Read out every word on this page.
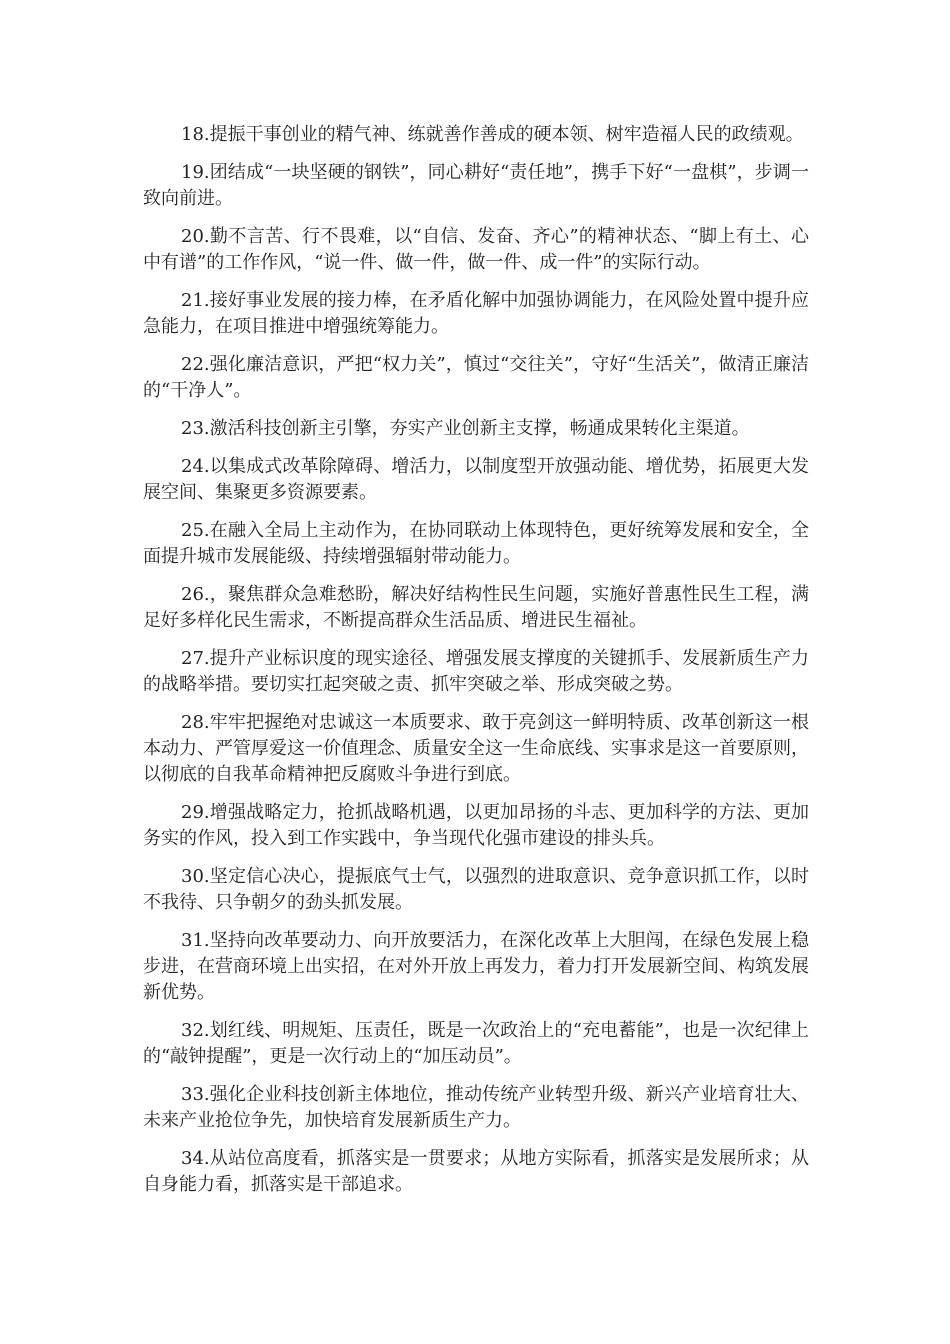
18.提振干事创业的精气神、练就善作善成的硬本领、树牢造福人民的政绩观。

19.团结成“一块坚硬的钢铁”，同心耕好“责任地”，携手下好“一盘棋”，步调一致向前进。

20.勤不言苦、行不畏难，以“自信、发奋、齐心”的精神状态、“脚上有土、心中有谱”的工作作风，“说一件、做一件，做一件、成一件”的实际行动。

21.接好事业发展的接力棒，在矛盾化解中加强协调能力，在风险处置中提升应急能力，在项目推进中增强统筹能力。

22.强化廉洁意识，严把“权力关”，慎过“交往关”，守好“生活关”，做清正廉洁的“干净人”。

23.激活科技创新主引擎，夯实产业创新主支撑，畅通成果转化主渠道。

24.以集成式改革除障碍、增活力，以制度型开放强动能、增优势，拓展更大发展空间、集聚更多资源要素。

25.在融入全局上主动作为，在协同联动上体现特色，更好统筹发展和安全，全面提升城市发展能级、持续增强辐射带动能力。

26.，聚焦群众急难愁盼，解决好结构性民生问题，实施好普惠性民生工程，满足好多样化民生需求，不断提高群众生活品质、增进民生福祉。

27.提升产业标识度的现实途径、增强发展支撑度的关键抓手、发展新质生产力的战略举措。要切实扛起突破之责、抓牢突破之举、形成突破之势。

28.牢牢把握绝对忠诚这一本质要求、敢于亮剑这一鲜明特质、改革创新这一根本动力、严管厚爱这一价值理念、质量安全这一生命底线、实事求是这一首要原则，以彻底的自我革命精神把反腐败斗争进行到底。

29.增强战略定力，抢抓战略机遇，以更加昂扬的斗志、更加科学的方法、更加务实的作风，投入到工作实践中，争当现代化强市建设的排头兵。

30.坚定信心决心，提振底气士气，以强烈的进取意识、竞争意识抓工作，以时不我待、只争朝夕的劲头抓发展。

31.坚持向改革要动力、向开放要活力，在深化改革上大胆闯，在绿色发展上稳步进，在营商环境上出实招，在对外开放上再发力，着力打开发展新空间、构筑发展新优势。

32.划红线、明规矩、压责任，既是一次政治上的“充电蓄能”，也是一次纪律上的“敲钟提醒”，更是一次行动上的“加压动员”。

33.强化企业科技创新主体地位，推动传统产业转型升级、新兴产业培育壮大、未来产业抢位争先，加快培育发展新质生产力。

34.从站位高度看，抓落实是一贯要求；从地方实际看，抓落实是发展所求；从自身能力看，抓落实是干部追求。
